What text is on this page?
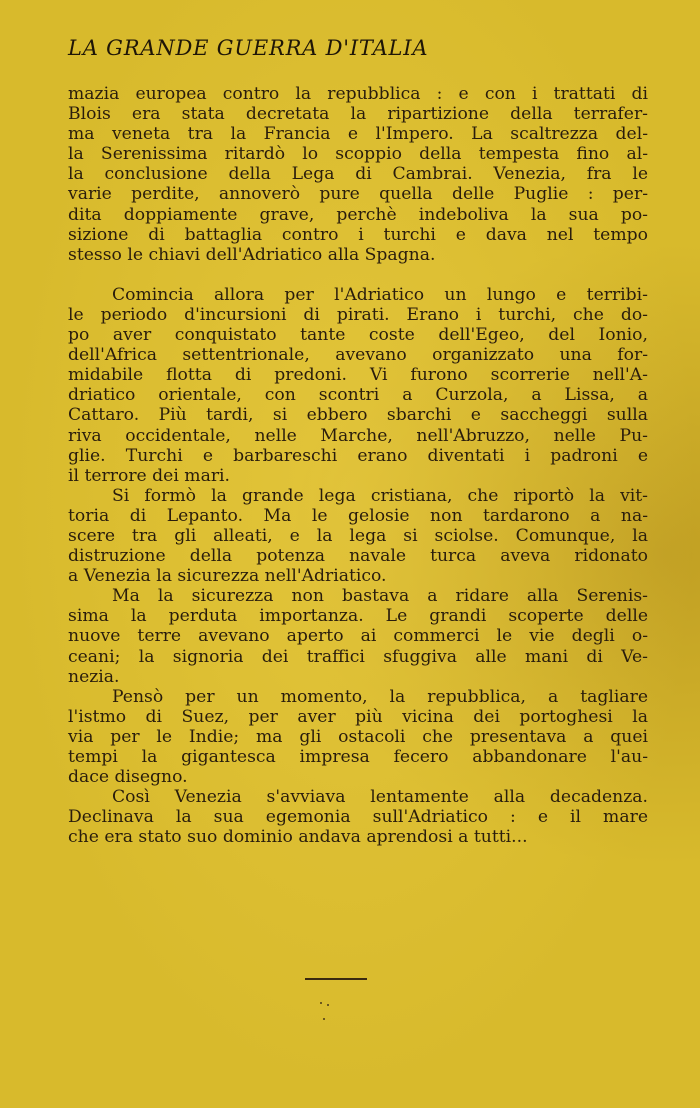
LA GRANDE GUERRA D'ITALIA
mazia europea contro la repubblica : e con i trattati di
Blois era stata decretata la ripartizione della terrafer-
ma veneta tra la Francia e l'Impero. La scaltrezza del-
la Serenissima ritardò lo scoppio della tempesta fino al-
la conclusione della Lega di Cambrai. Venezia, fra le
varie perdite, annoverò pure quella delle Puglie : per-
dita doppiamente grave, perchè indeboliva la sua po-
sizione di battaglia contro i turchi e dava nel tempo
stesso le chiavi dell'Adriatico alla Spagna.
Comincia allora per l'Adriatico un lungo e terribi-
le periodo d'incursioni di pirati. Erano i turchi, che do-
po aver conquistato tante coste dell'Egeo, del Ionio,
dell'Africa settentrionale, avevano organizzato una for-
midabile flotta di predoni. Vi furono scorrerie nell'A-
driatico orientale, con scontri a Curzola, a Lissa, a
Cattaro. Più tardi, si ebbero sbarchi e saccheggi sulla
riva occidentale, nelle Marche, nell'Abruzzo, nelle Pu-
glie. Turchi e barbareschi erano diventati i padroni e
il terrore dei mari.
Si formò la grande lega cristiana, che riportò la vit-
toria di Lepanto. Ma le gelosie non tardarono a na-
scere tra gli alleati, e la lega si sciolse. Comunque, la
distruzione della potenza navale turca aveva ridonato
a Venezia la sicurezza nell'Adriatico.
Ma la sicurezza non bastava a ridare alla Serenis-
sima la perduta importanza. Le grandi scoperte delle
nuove terre avevano aperto ai commerci le vie degli o-
ceani; la signoria dei traffici sfuggiva alle mani di Ve-
nezia.
Pensò per un momento, la repubblica, a tagliare
l'istmo di Suez, per aver più vicina dei portoghesi la
via per le Indie; ma gli ostacoli che presentava a quei
tempi la gigantesca impresa fecero abbandonare l'au-
dace disegno.
Così Venezia s'avviava lentamente alla decadenza.
Declinava la sua egemonia sull'Adriatico : e il mare
che era stato suo dominio andava aprendosi a tutti...
